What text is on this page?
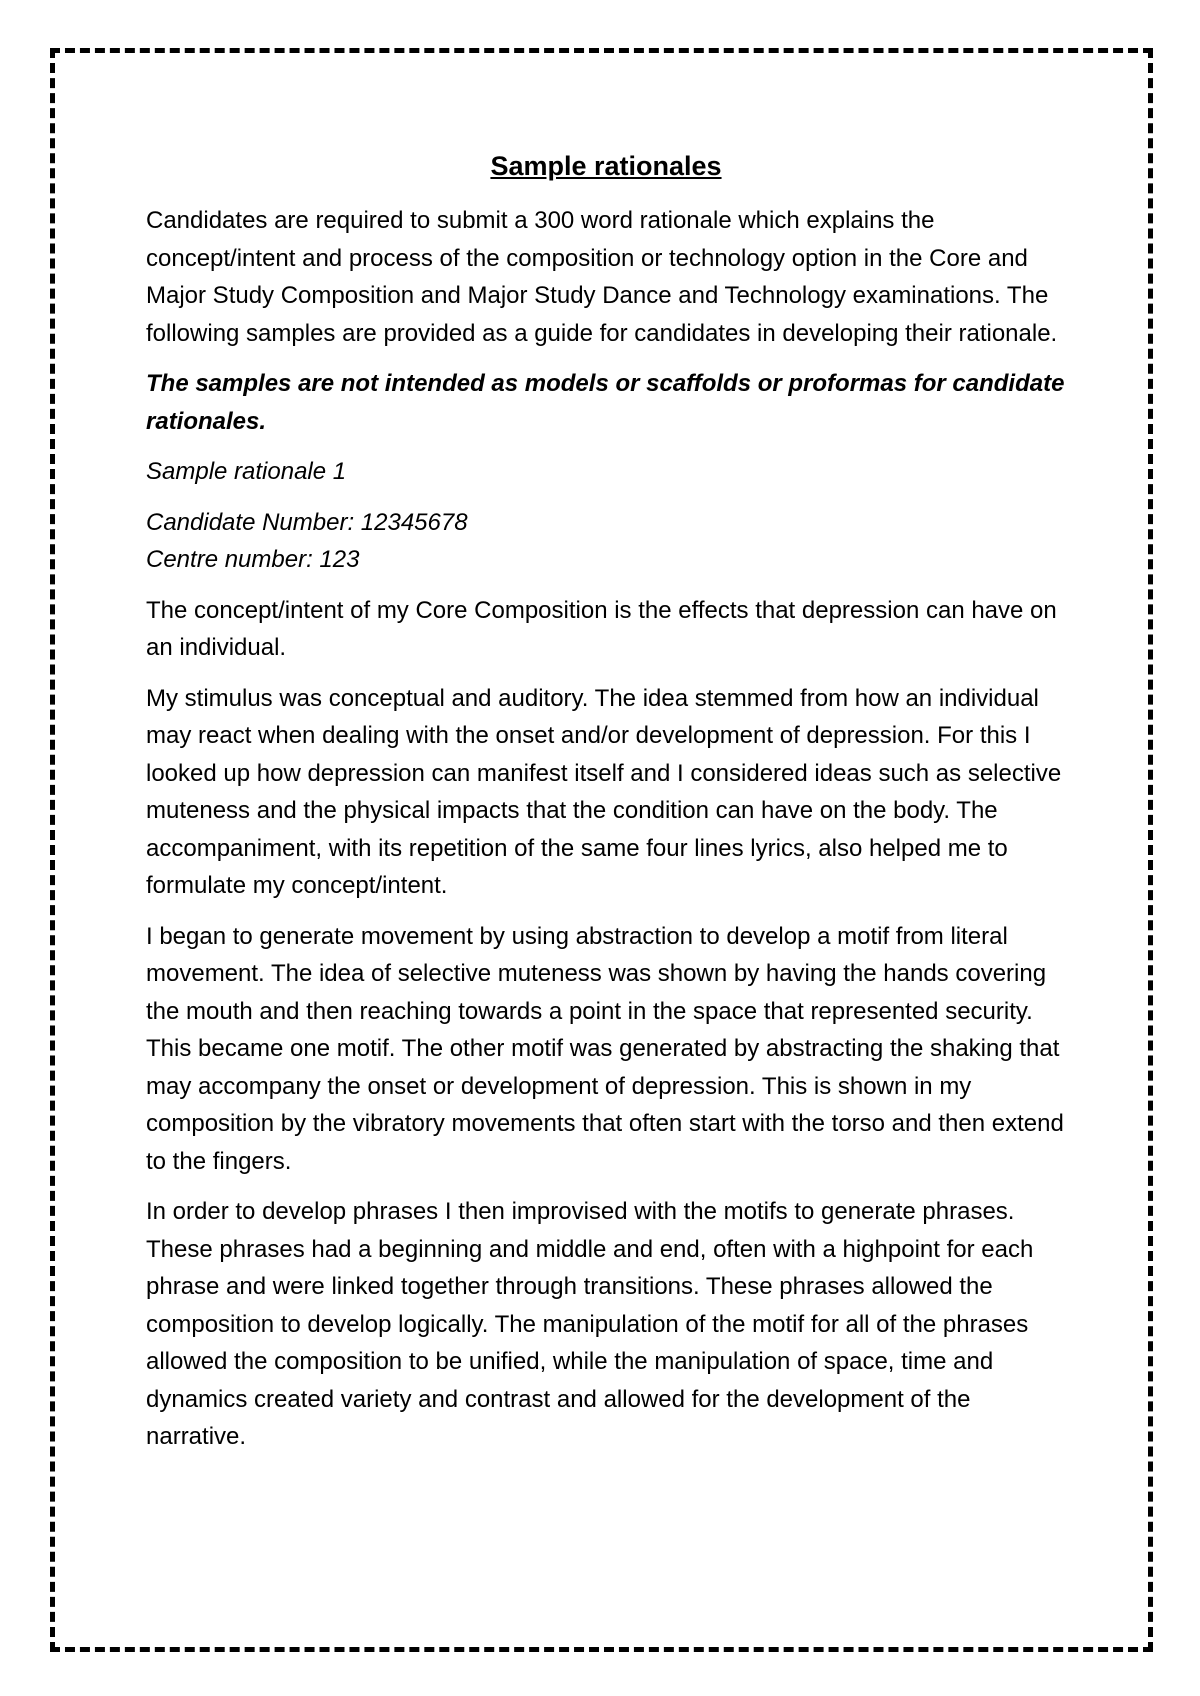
Sample rationales

Candidates are required to submit a 300 word rationale which explains the concept/intent and process of the composition or technology option in the Core and Major Study Composition and Major Study Dance and Technology examinations. The following samples are provided as a guide for candidates in developing their rationale.

The samples are not intended as models or scaffolds or proformas for candidate rationales.

Sample rationale 1

Candidate Number: 12345678

Centre number: 123

The concept/intent of my Core Composition is the effects that depression can have on an individual.

My stimulus was conceptual and auditory. The idea stemmed from how an individual may react when dealing with the onset and/or development of depression. For this I looked up how depression can manifest itself and I considered ideas such as selective muteness and the physical impacts that the condition can have on the body. The accompaniment, with its repetition of the same four lines lyrics, also helped me to formulate my concept/intent.

I began to generate movement by using abstraction to develop a motif from literal movement. The idea of selective muteness was shown by having the hands covering the mouth and then reaching towards a point in the space that represented security. This became one motif. The other motif was generated by abstracting the shaking that may accompany the onset or development of depression. This is shown in my composition by the vibratory movements that often start with the torso and then extend to the fingers.

In order to develop phrases I then improvised with the motifs to generate phrases. These phrases had a beginning and middle and end, often with a highpoint for each phrase and were linked together through transitions. These phrases allowed the composition to develop logically. The manipulation of the motif for all of the phrases allowed the composition to be unified, while the manipulation of space, time and dynamics created variety and contrast and allowed for the development of the narrative.
